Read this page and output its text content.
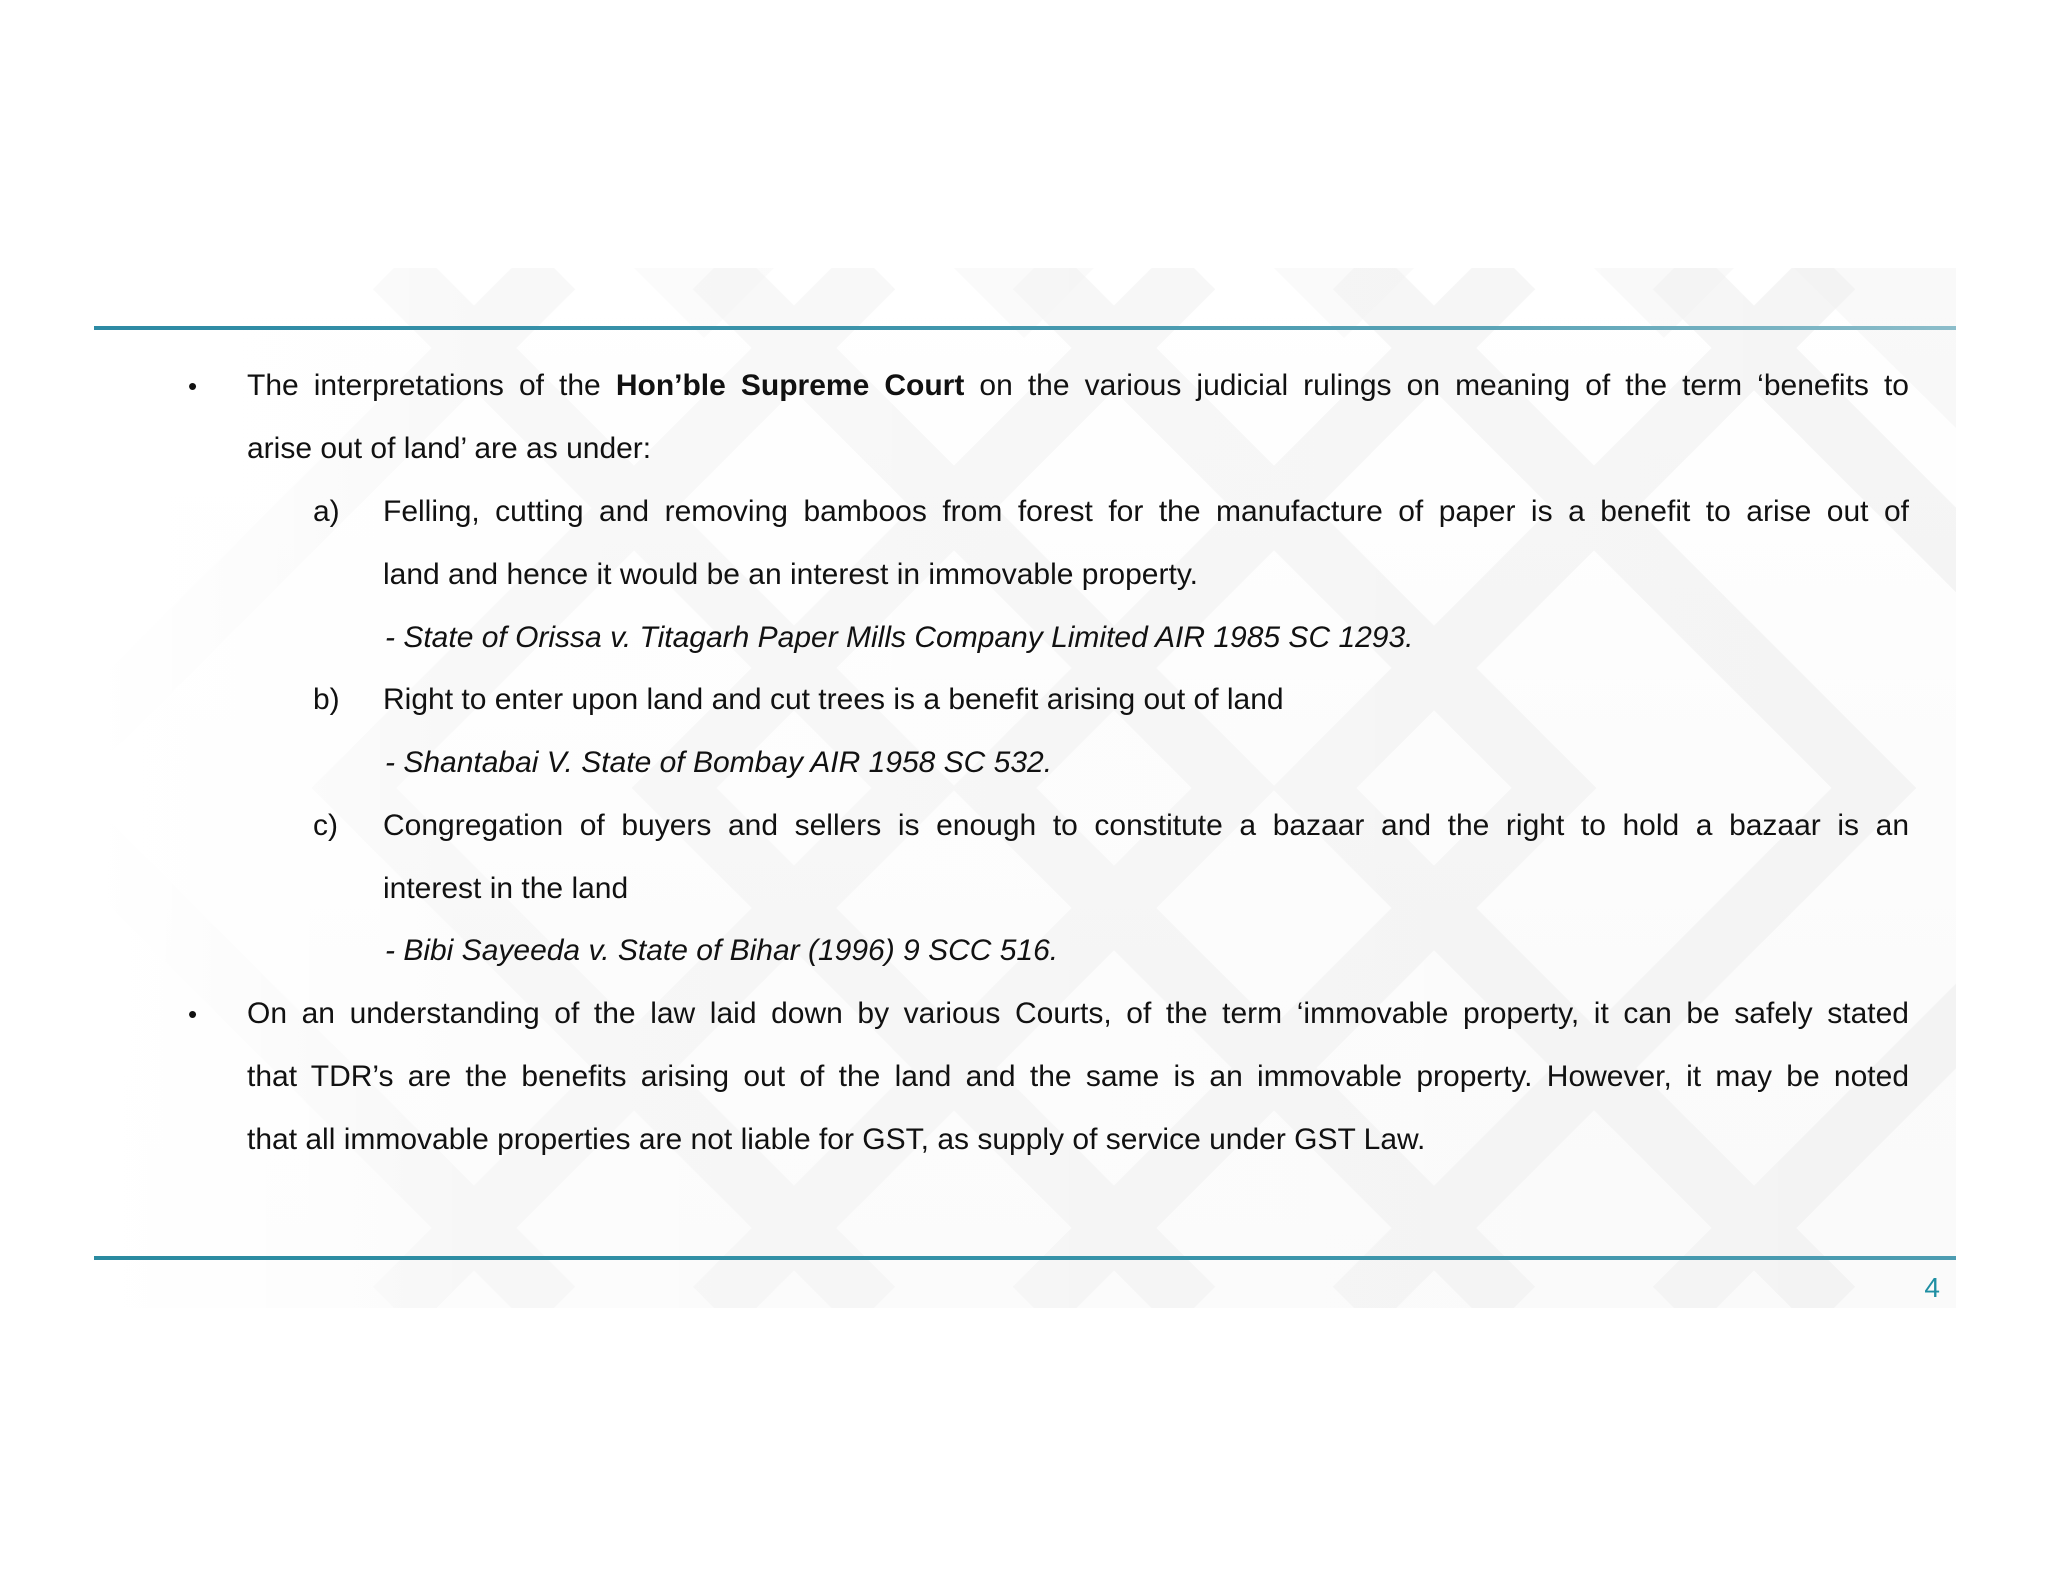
• The interpretations of the Hon’ble Supreme Court on the various judicial rulings on meaning of the term ‘benefits to
arise out of land’ are as under:
a) Felling, cutting and removing bamboos from forest for the manufacture of paper is a benefit to arise out of
land and hence it would be an interest in immovable property.
- State of Orissa v. Titagarh Paper Mills Company Limited AIR 1985 SC 1293.
b) Right to enter upon land and cut trees is a benefit arising out of land
- Shantabai V. State of Bombay AIR 1958 SC 532.
c) Congregation of buyers and sellers is enough to constitute a bazaar and the right to hold a bazaar is an
interest in the land
- Bibi Sayeeda v. State of Bihar (1996) 9 SCC 516.
• On an understanding of the law laid down by various Courts, of the term ‘immovable property, it can be safely stated
that TDR’s are the benefits arising out of the land and the same is an immovable property. However, it may be noted
that all immovable properties are not liable for GST, as supply of service under GST Law.
4
